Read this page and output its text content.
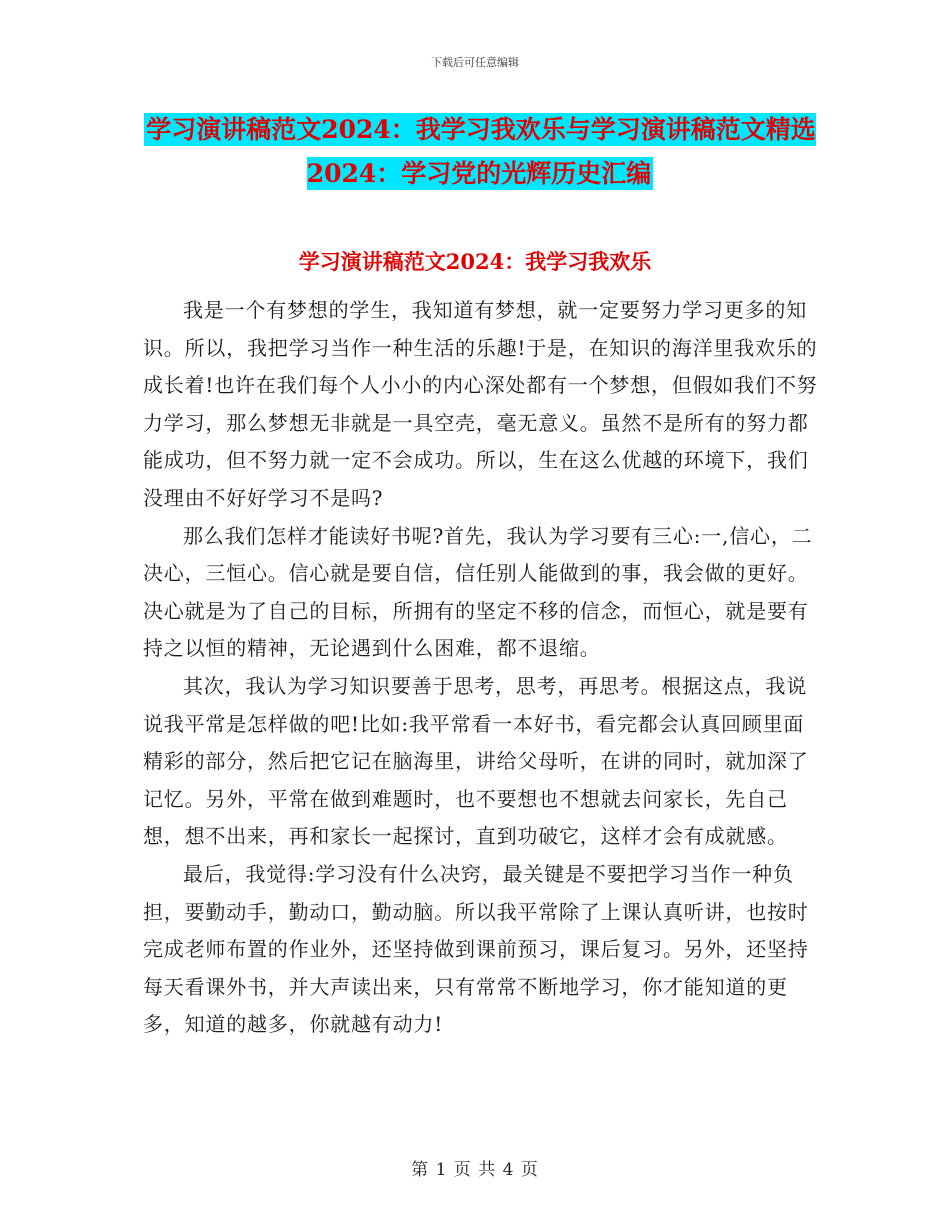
下载后可任意编辑
学习演讲稿范文2024：我学习我欢乐与学习演讲稿范文精选2024：学习党的光辉历史汇编
学习演讲稿范文2024：我学习我欢乐

我是一个有梦想的学生，我知道有梦想，就一定要努力学习更多的知识。所以，我把学习当作一种生活的乐趣!于是，在知识的海洋里我欢乐的成长着!也许在我们每个人小小的内心深处都有一个梦想，但假如我们不努力学习，那么梦想无非就是一具空壳，毫无意义。虽然不是所有的努力都能成功，但不努力就一定不会成功。所以，生在这么优越的环境下，我们没理由不好好学习不是吗?

那么我们怎样才能读好书呢?首先，我认为学习要有三心:一,信心，二决心，三恒心。信心就是要自信，信任别人能做到的事，我会做的更好。决心就是为了自己的目标，所拥有的坚定不移的信念，而恒心，就是要有持之以恒的精神，无论遇到什么困难，都不退缩。

其次，我认为学习知识要善于思考，思考，再思考。根据这点，我说说我平常是怎样做的吧!比如:我平常看一本好书，看完都会认真回顾里面精彩的部分，然后把它记在脑海里，讲给父母听，在讲的同时，就加深了记忆。另外，平常在做到难题时，也不要想也不想就去问家长，先自己想，想不出来，再和家长一起探讨，直到功破它，这样才会有成就感。

最后，我觉得:学习没有什么决窍，最关键是不要把学习当作一种负担，要勤动手，勤动口，勤动脑。所以我平常除了上课认真听讲，也按时完成老师布置的作业外，还坚持做到课前预习，课后复习。另外，还坚持每天看课外书，并大声读出来，只有常常不断地学习，你才能知道的更多，知道的越多，你就越有动力!

第 1 页 共 4 页
